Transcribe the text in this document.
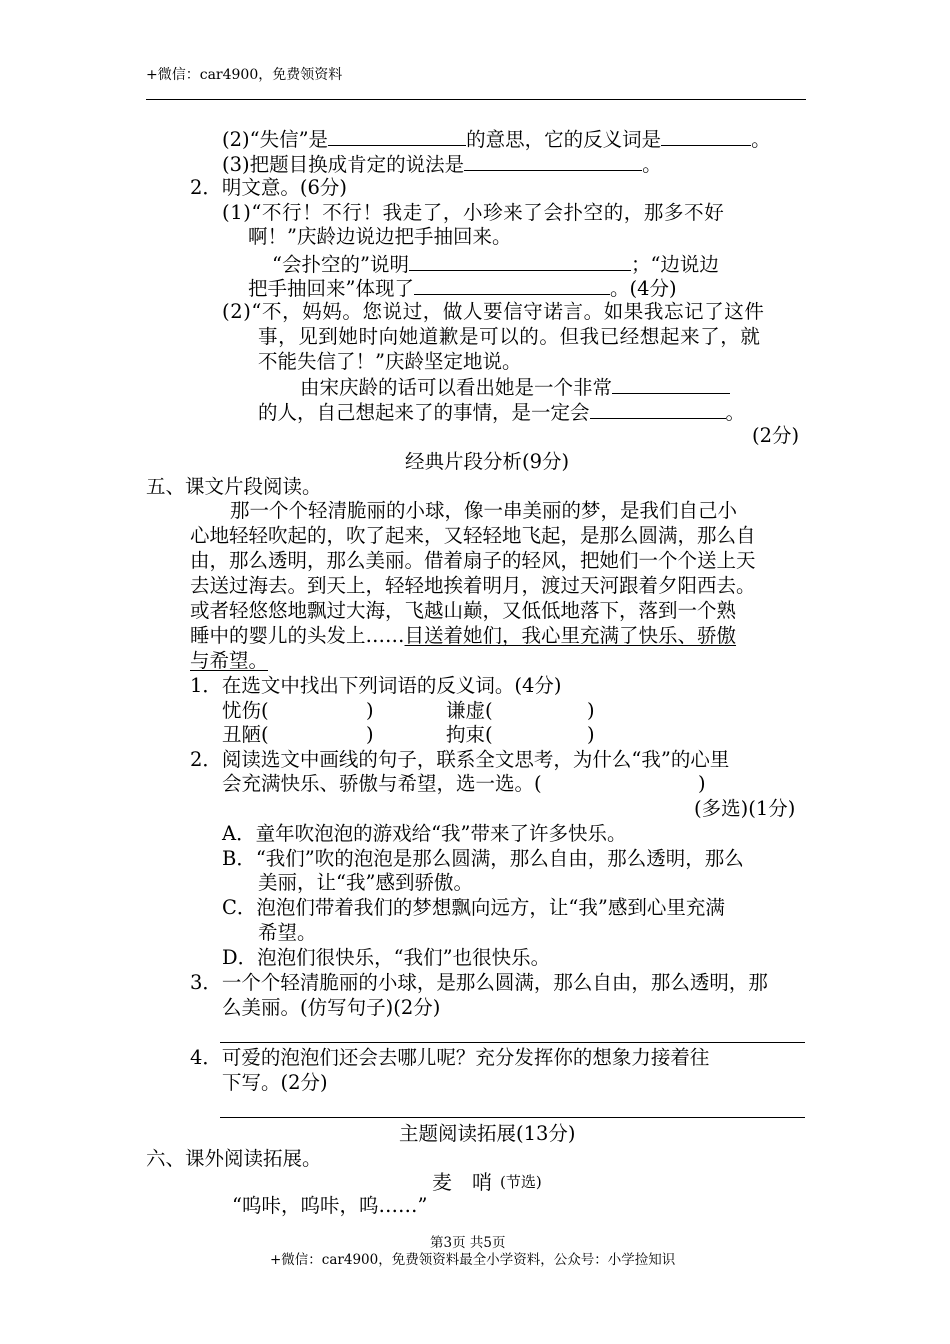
+微信：car4900，免费领资料
(2)“失信”是	的意思，它的反义词是	。
(3)把题目换成肯定的说法是	。
2．明文意。(6分)
(1)“不行！不行！我走了，小珍来了会扑空的，那多不好
啊！”庆龄边说边把手抽回来。
“会扑空的”说明	；“边说边
把手抽回来”体现了	。(4分)
(2)“不，妈妈。您说过，做人要信守诺言。如果我忘记了这件
事，见到她时向她道歉是可以的。但我已经想起来了，就
不能失信了！”庆龄坚定地说。
由宋庆龄的话可以看出她是一个非常
的人，自己想起来了的事情，是一定会	。
(2分)
经典片段分析(9分)
五、课文片段阅读。
那一个个轻清脆丽的小球，像一串美丽的梦，是我们自己小
心地轻轻吹起的，吹了起来，又轻轻地飞起，是那么圆满，那么自
由，那么透明，那么美丽。借着扇子的轻风，把她们一个个送上天
去送过海去。到天上，轻轻地挨着明月，渡过天河跟着夕阳西去。
或者轻悠悠地飘过大海，飞越山巅，又低低地落下，落到一个熟
睡中的婴儿的头发上……目送着她们，我心里充满了快乐、骄傲
与希望。
1．在选文中找出下列词语的反义词。(4分)
忧伤(	)	谦虚(	)
丑陋(	)	拘束(	)
2．阅读选文中画线的句子，联系全文思考，为什么“我”的心里
会充满快乐、骄傲与希望，选一选。(	)
(多选)(1分)
A．童年吹泡泡的游戏给“我”带来了许多快乐。
B．“我们”吹的泡泡是那么圆满，那么自由，那么透明，那么
美丽，让“我”感到骄傲。
C．泡泡们带着我们的梦想飘向远方，让“我”感到心里充满
希望。
D．泡泡们很快乐，“我们”也很快乐。
3．一个个轻清脆丽的小球，是那么圆满，那么自由，那么透明，那
么美丽。(仿写句子)(2分)
4．可爱的泡泡们还会去哪儿呢？充分发挥你的想象力接着往
下写。(2分)
主题阅读拓展(13分)
六、课外阅读拓展。
麦　哨 (节选)
“呜咔，呜咔，呜……”
第3页 共5页
+微信：car4900，免费领资料最全小学资料，公众号：小学捡知识
